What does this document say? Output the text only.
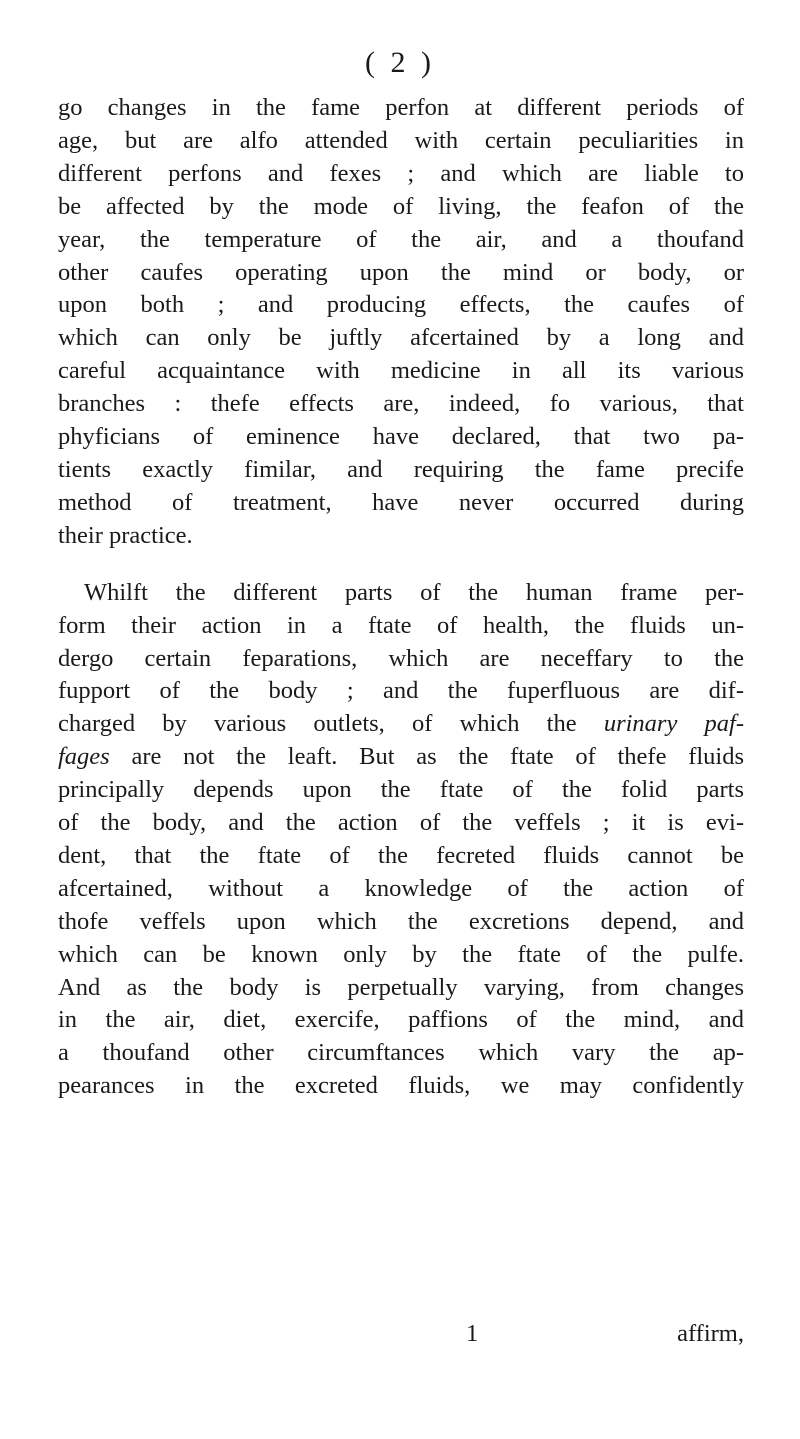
( 2 )
go changes in the fame perfon at different periods of
age, but are alfo attended with certain peculiarities in
different perfons and fexes ; and which are liable to
be affected by the mode of living, the feafon of the
year, the temperature of the air, and a thoufand
other caufes operating upon the mind or body, or
upon both ; and producing effects, the caufes of
which can only be juftly afcertained by a long and
careful acquaintance with medicine in all its various
branches : thefe effects are, indeed, fo various, that
phyficians of eminence have declared, that two pa-
tients exactly fimilar, and requiring the fame precife
method of treatment, have never occurred during
their practice.
Whilft the different parts of the human frame per-
form their action in a ftate of health, the fluids un-
dergo certain feparations, which are neceffary to the
fupport of the body ; and the fuperfluous are dif-
charged by various outlets, of which the urinary paf-
fages are not the leaft. But as the ftate of thefe fluids
principally depends upon the ftate of the folid parts
of the body, and the action of the veffels ; it is evi-
dent, that the ftate of the fecreted fluids cannot be
afcertained, without a knowledge of the action of
thofe veffels upon which the excretions depend, and
which can be known only by the ftate of the pulfe.
And as the body is perpetually varying, from changes
in the air, diet, exercife, paffions of the mind, and
a thoufand other circumftances which vary the ap-
pearances in the excreted fluids, we may confidently
1	affirm,
